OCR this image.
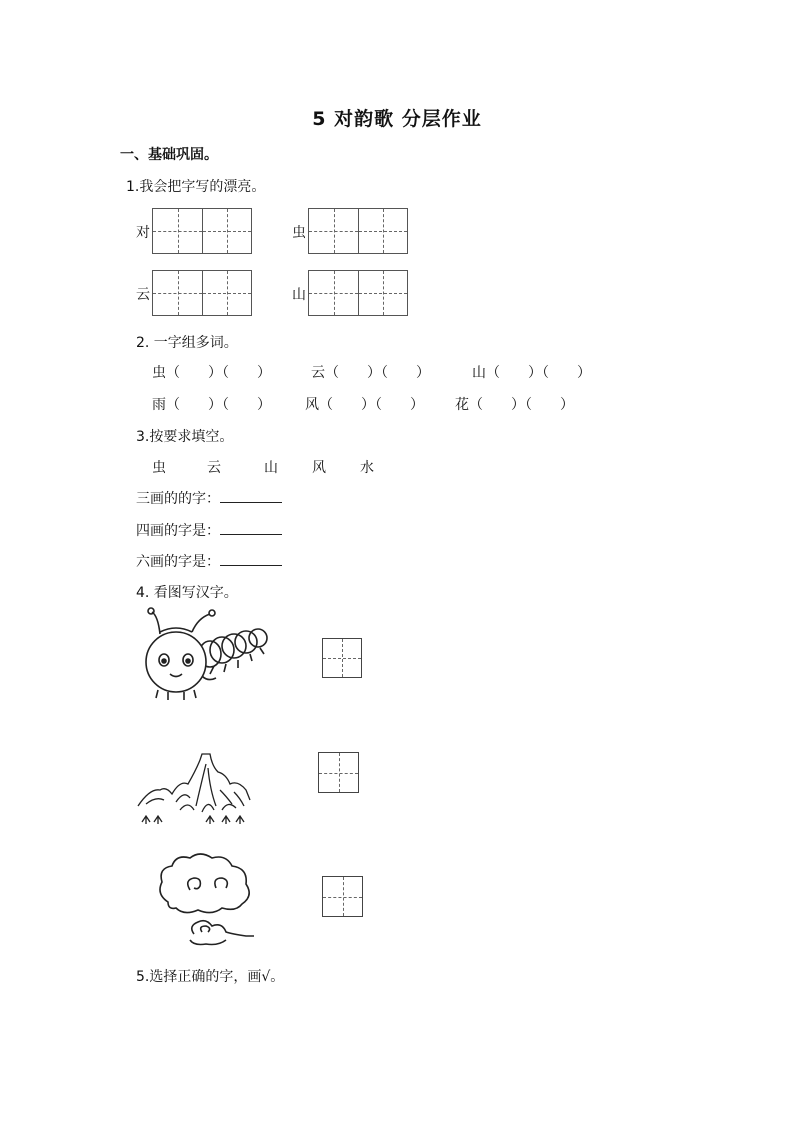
5 对韵歌 分层作业
一、基础巩固。
1.我会把字写的漂亮。
对	虫
云	山
2. 一字组多词。
虫（　　）（　　）	云（　　）（　　）	山（　　）（　　）
雨（　　）（　　） 风（　　）（　　） 花（　　）（　　）
3.按要求填空。
虫	云	山 风 水
三画的的字：
四画的字是：
六画的字是：
4. 看图写汉字。
5.选择正确的字，画√。
